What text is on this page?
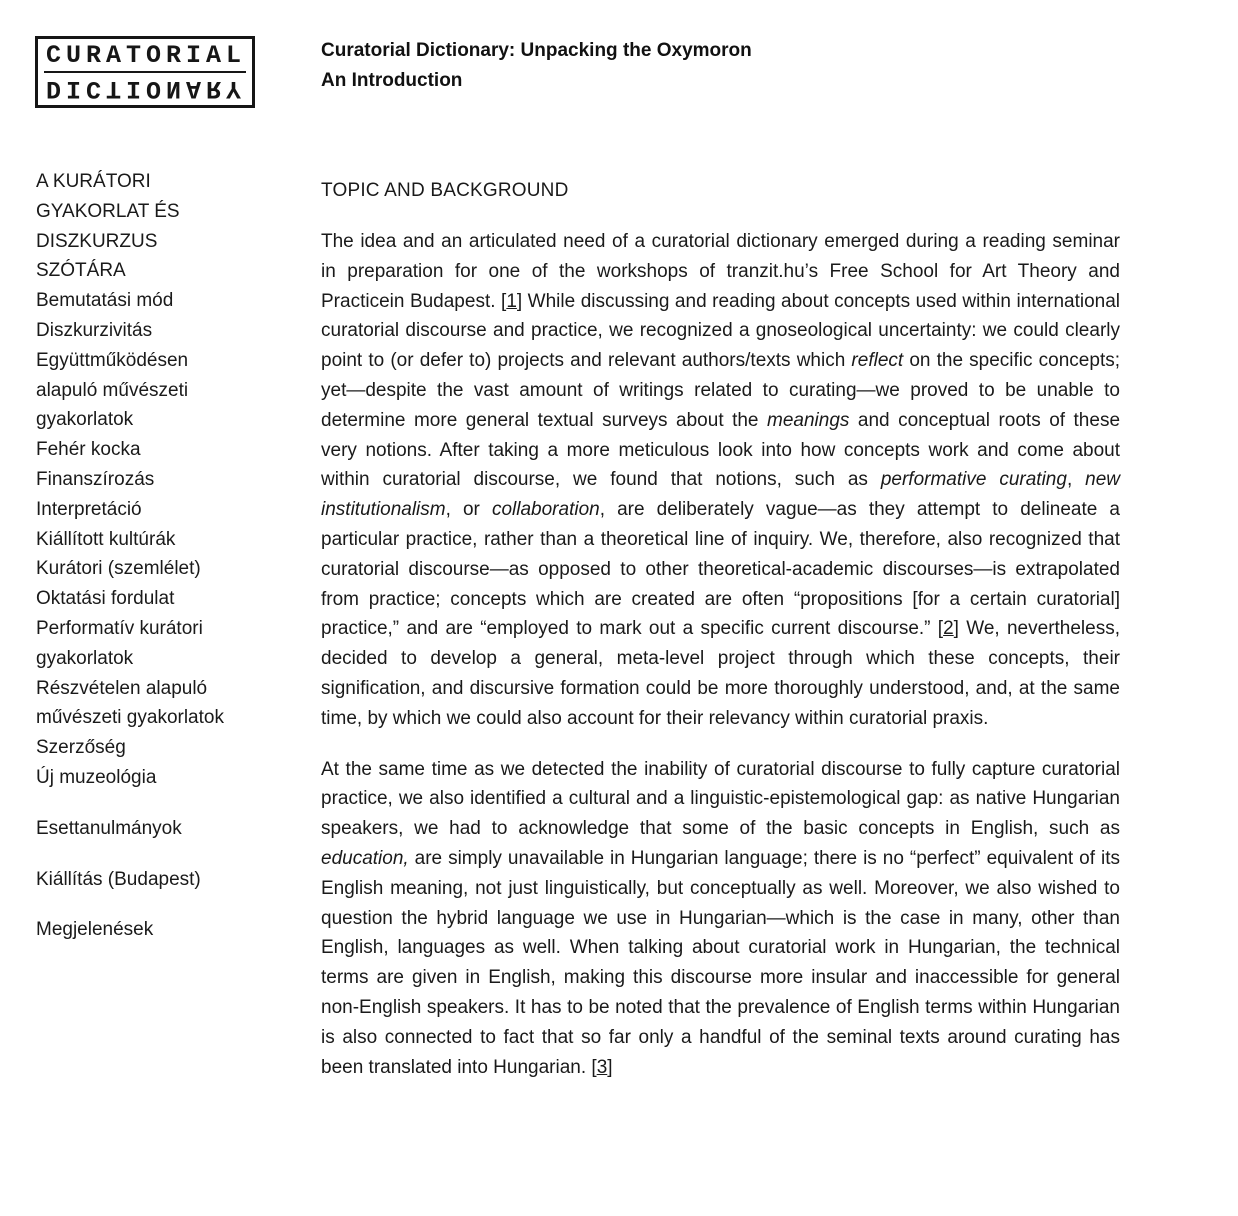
CURATORIAL
DICTIONARY
Curatorial Dictionary: Unpacking the Oxymoron
An Introduction
A KURÁTORI GYAKORLAT ÉS DISZKURZUS SZÓTÁRA
Bemutatási mód
Diszkurzivitás
Együttműködésen alapuló művészeti gyakorlatok
Fehér kocka
Finanszírozás
Interpretáció
Kiállított kultúrák
Kurátori (szemlélet)
Oktatási fordulat
Performatív kurátori gyakorlatok
Részvételen alapuló művészeti gyakorlatok
Szerzőség
Új muzeológia
Esettanulmányok
Kiállítás (Budapest)
Megjelenések
TOPIC AND BACKGROUND

The idea and an articulated need of a curatorial dictionary emerged during a reading seminar in preparation for one of the workshops of tranzit.hu’s Free School for Art Theory and Practicein Budapest. [1] While discussing and reading about concepts used within international curatorial discourse and practice, we recognized a gnoseological uncertainty: we could clearly point to (or defer to) projects and relevant authors/texts which reflect on the specific concepts; yet—despite the vast amount of writings related to curating—we proved to be unable to determine more general textual surveys about the meanings and conceptual roots of these very notions. After taking a more meticulous look into how concepts work and come about within curatorial discourse, we found that notions, such as performative curating, new institutionalism, or collaboration, are deliberately vague—as they attempt to delineate a particular practice, rather than a theoretical line of inquiry. We, therefore, also recognized that curatorial discourse—as opposed to other theoretical-academic discourses—is extrapolated from practice; concepts which are created are often “propositions [for a certain curatorial] practice,” and are “employed to mark out a specific current discourse.” [2] We, nevertheless, decided to develop a general, meta-level project through which these concepts, their signification, and discursive formation could be more thoroughly understood, and, at the same time, by which we could also account for their relevancy within curatorial praxis.

At the same time as we detected the inability of curatorial discourse to fully capture curatorial practice, we also identified a cultural and a linguistic-epistemological gap: as native Hungarian speakers, we had to acknowledge that some of the basic concepts in English, such as education, are simply unavailable in Hungarian language; there is no “perfect” equivalent of its English meaning, not just linguistically, but conceptually as well. Moreover, we also wished to question the hybrid language we use in Hungarian—which is the case in many, other than English, languages as well. When talking about curatorial work in Hungarian, the technical terms are given in English, making this discourse more insular and inaccessible for general non-English speakers. It has to be noted that the prevalence of English terms within Hungarian is also connected to fact that so far only a handful of the seminal texts around curating has been translated into Hungarian. [3]
